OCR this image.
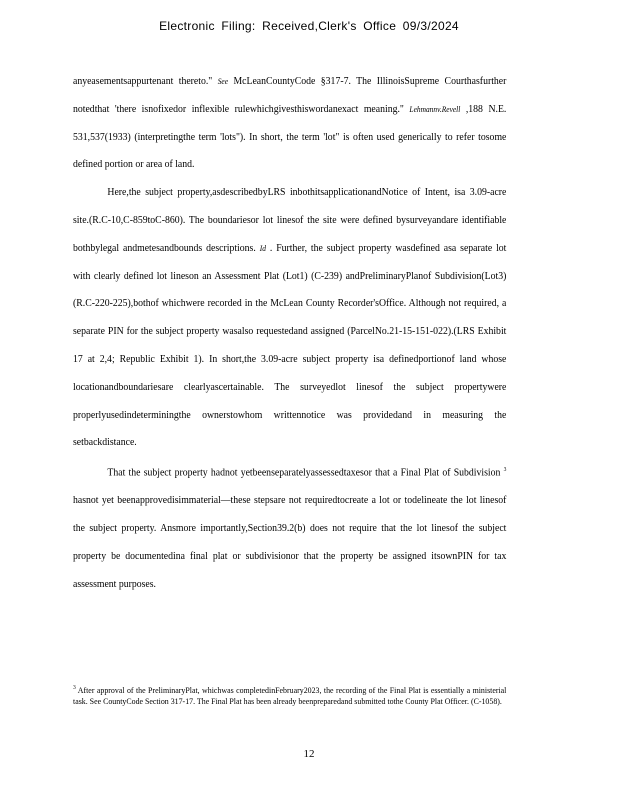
Electronic Filing: Received,Clerk's Office 09/3/2024

anyeasementsappurtenant thereto." See McLeanCountyCode §317-7. The IllinoisSupreme Courthasfurther notedthat 'there isnofixedor inflexible rulewhichgivesthiswordanexact meaning." Lehmannv.Revell ,188 N.E. 531,537(1933) (interpretingthe term 'lots"). In short, the term 'lot" is often used generically to refer tosome defined portion or area of land.

Here,the subject property,asdescribedbyLRS inbothitsapplicationandNotice of Intent, isa 3.09-acre site.(R.C-10,C-859toC-860). The boundariesor lot linesof the site were defined bysurveyandare identifiable bothbylegal andmetesandbounds descriptions. Id . Further, the subject property wasdefined asa separate lot with clearly defined lot lineson an Assessment Plat (Lot1) (C-239) andPreliminaryPlanof Subdivision(Lot3) (R.C-220-225),bothof whichwere recorded in the McLean County Recorder'sOffice. Although not required, a separate PIN for the subject property wasalso requestedand assigned (ParcelNo.21-15-151-022).(LRS Exhibit 17 at 2,4; Republic Exhibit 1). In short,the 3.09-acre subject property isa definedportionof land whose locationandboundariesare clearlyascertainable. The surveyedlot linesof the subject propertywere properlyusedindeterminingthe ownerstowhom writtennotice was providedand in measuring the setbackdistance.

That the subject property hadnot yetbeenseparatelyassessedtaxesor that a Final Plat of Subdivision $^3$ hasnot yet beenapprovedisimmaterial—these stepsare not requiredtocreate a lot or todelineate the lot linesof the subject property. Ansmore importantly,Section39.2(b) does not require that the lot linesof the subject property be documentedina final plat or subdivisionor that the property be assigned itsownPIN for tax assessment purposes.

$^3$ After approval of the PreliminaryPlat, whichwas completedinFebruary2023, the recording of the Final Plat is essentially a ministerial task. See CountyCode Section 317-17. The Final Plat has been already beenpreparedand submitted tothe County Plat Officer. (C-1058).
12
